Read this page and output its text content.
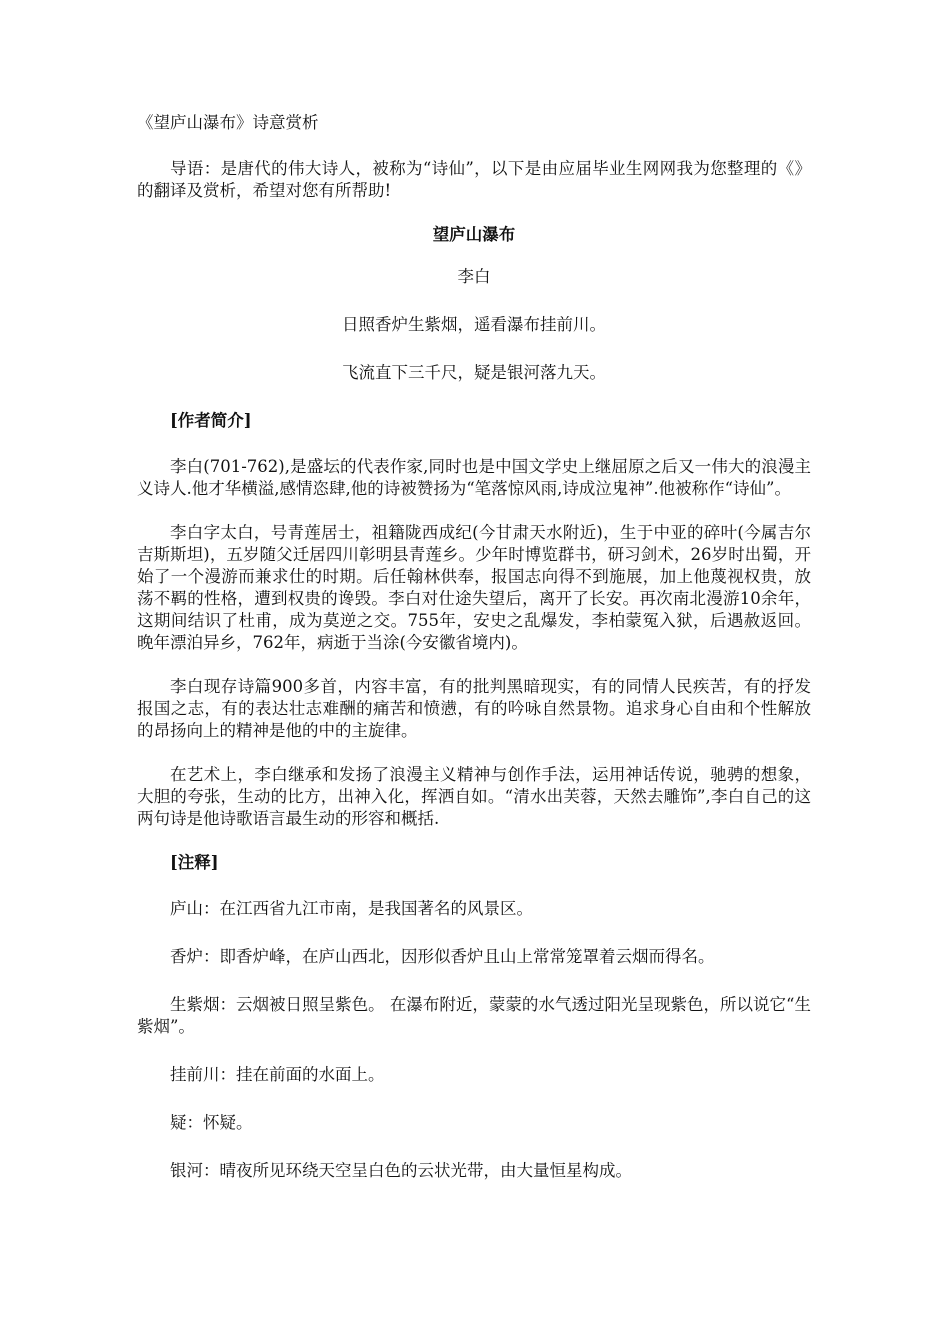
《望庐山瀑布》诗意赏析

导语：是唐代的伟大诗人，被称为“诗仙”，以下是由应届毕业生网网我为您整理的《》的翻译及赏析，希望对您有所帮助!

望庐山瀑布

李白

日照香炉生紫烟，遥看瀑布挂前川。

飞流直下三千尺，疑是银河落九天。

[作者简介]

李白(701-762),是盛坛的代表作家,同时也是中国文学史上继屈原之后又一伟大的浪漫主义诗人.他才华横溢,感情恣肆,他的诗被赞扬为“笔落惊风雨,诗成泣鬼神”.他被称作“诗仙”。

李白字太白，号青莲居士，祖籍陇西成纪(今甘肃天水附近)，生于中亚的碎叶(今属吉尔吉斯斯坦)，五岁随父迁居四川彰明县青莲乡。少年时博览群书，研习剑术，26岁时出蜀，开始了一个漫游而兼求仕的时期。后任翰林供奉，报国志向得不到施展，加上他蔑视权贵，放荡不羁的性格，遭到权贵的谗毁。李白对仕途失望后，离开了长安。再次南北漫游10余年，这期间结识了杜甫，成为莫逆之交。755年，安史之乱爆发，李柏蒙冤入狱，后遇赦返回。晚年漂泊异乡，762年，病逝于当涂(今安徽省境内)。

李白现存诗篇900多首，内容丰富，有的批判黑暗现实，有的同情人民疾苦，有的抒发报国之志，有的表达壮志难酬的痛苦和愤懑，有的吟咏自然景物。追求身心自由和个性解放的昂扬向上的精神是他的中的主旋律。

在艺术上，李白继承和发扬了浪漫主义精神与创作手法，运用神话传说，驰骋的想象，大胆的夸张，生动的比方，出神入化，挥洒自如。“清水出芙蓉，天然去雕饰”,李白自己的这两句诗是他诗歌语言最生动的形容和概括.

[注释]

庐山：在江西省九江市南，是我国著名的风景区。

香炉：即香炉峰，在庐山西北，因形似香炉且山上常常笼罩着云烟而得名。

生紫烟：云烟被日照呈紫色。 在瀑布附近，蒙蒙的水气透过阳光呈现紫色，所以说它“生紫烟”。

挂前川：挂在前面的水面上。

疑：怀疑。

银河：晴夜所见环绕天空呈白色的云状光带，由大量恒星构成。
